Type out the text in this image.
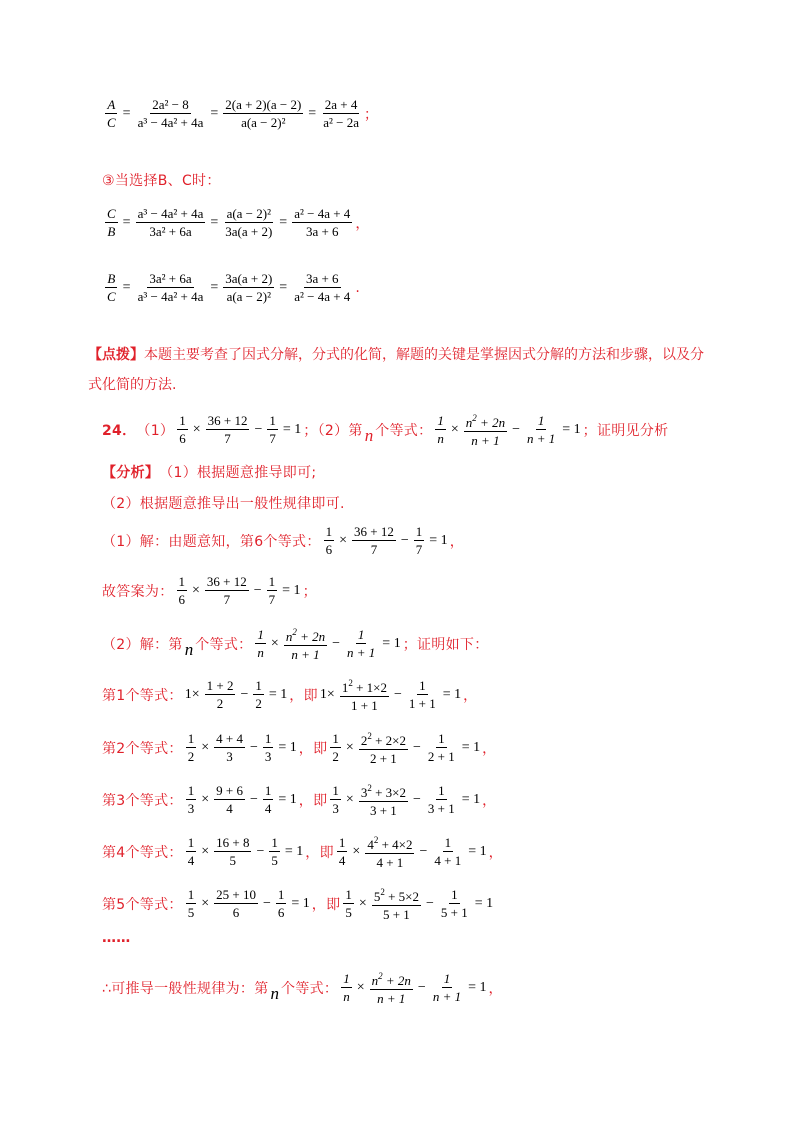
$\frac{A}{C} = \frac{\text{2a² − 8}}{\text{a³ − 4a² + 4a}} = \frac{2(a + 2)(a - 2)}{\text{a(a − 2)²}} = \frac{2a + 4}{\text{a² − 2a}}$ ；
③当选择B、C时：
$\frac{C}{B} = \frac{\text{a³ − 4a² + 4a}}{\text{3a² + 6a}} = \frac{\text{a(a − 2)²}}{3a(a + 2)} = \frac{\text{a² − 4a + 4}}{3a + 6}$ ，
$\frac{B}{C} = \frac{\text{3a² + 6a}}{\text{a³ − 4a² + 4a}} = \frac{3a(a + 2)}{\text{a(a − 2)²}} = \frac{3a + 6}{\text{a² − 4a + 4}}$ .
【点拨】本题主要考查了因式分解，分式的化简，解题的关键是掌握因式分解的方法和步骤，以及分
式化简的方法.
24． $(1) \frac{1}{6} \times \frac{36 + 12}{7} - \frac{1}{7} = 1$ ；（2）第 n 个等式： $\frac{1}{n} \times \frac{n^2 + 2n}{n + 1} - \frac{1}{n + 1} = 1$ ；证明见分析
【分析】 （1）根据题意推导即可;
（2）根据题意推导出一般性规律即可.
（1）解：由题意知，第6个等式： $\frac{1}{6} \times \frac{36 + 12}{7} - \frac{1}{7} = 1$ ，
故答案为： $\frac{1}{6} \times \frac{36 + 12}{7} - \frac{1}{7} = 1$ ；
（2）解：第 n 个等式： $\frac{1}{n} \times \frac{n^2 + 2n}{n + 1} - \frac{1}{n + 1} = 1$ ；证明如下：
第1个等式： $1\times \frac{1 + 2}{2} - \frac{1}{2} = 1$ ， 即 $1\times \frac{1^2 + 1\times 2}{1 + 1} - \frac{1}{1 + 1} = 1$ ，
第2个等式： $\frac{1}{2} \times \frac{4 + 4}{3} - \frac{1}{3} = 1$ ， 即 $\frac{1}{2} \times \frac{2^2 + 2\times 2}{2 + 1} - \frac{1}{2 + 1} = 1$ ，
第3个等式： $\frac{1}{3} \times \frac{9 + 6}{4} - \frac{1}{4} = 1$ ， 即 $\frac{1}{3} \times \frac{3^2 + 3\times 2}{3 + 1} - \frac{1}{3 + 1} = 1$ ，
第4个等式： $\frac{1}{4} \times \frac{16 + 8}{5} - \frac{1}{5} = 1$ ， 即 $\frac{1}{4} \times \frac{4^2 + 4\times 2}{4 + 1} - \frac{1}{4 + 1} = 1$ ，
第5个等式： $\frac{1}{5} \times \frac{25 + 10}{6} - \frac{1}{6} = 1$ ， 即 $\frac{1}{5} \times \frac{5^2 + 5\times 2}{5 + 1} - \frac{1}{5 + 1} = 1$
……
∴可推导一般性规律为：第 n 个等式： $\frac{1}{n} \times \frac{n^2 + 2n}{n + 1} - \frac{1}{n + 1} = 1$ ，
